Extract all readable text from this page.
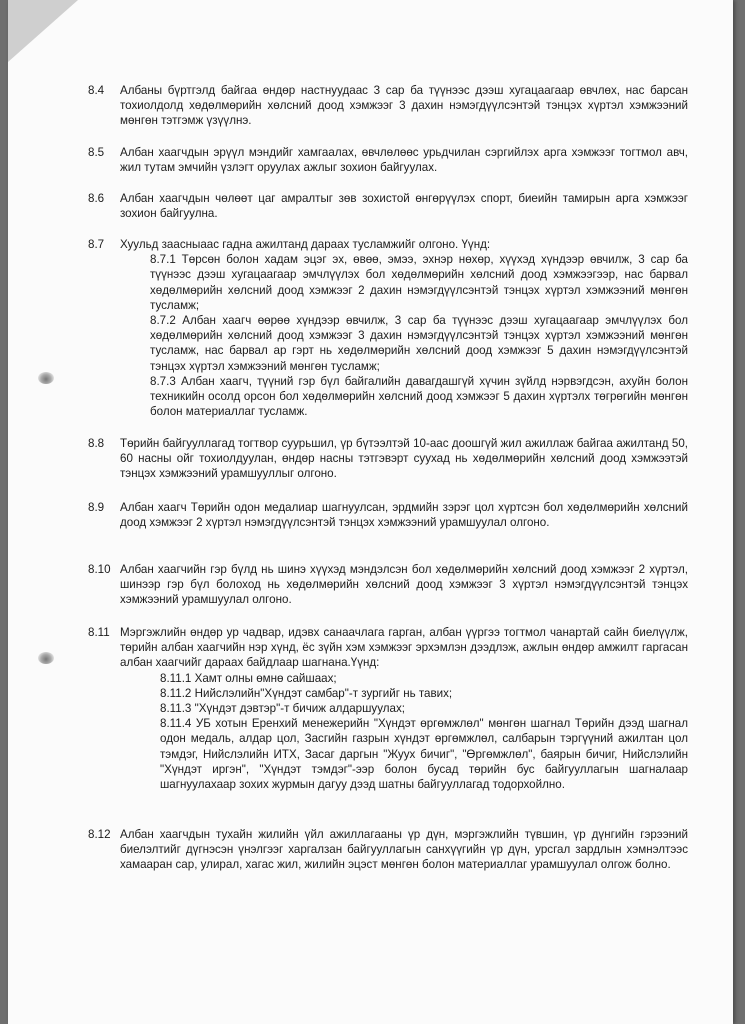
8.4	Албаны бүртгэлд байгаа өндөр настнуудаас 3 сар ба түүнээс дээш хугацаагаар өвчлөх, нас барсан тохиолдолд хөдөлмөрийн хөлсний доод хэмжээг 3 дахин нэмэгдүүлсэнтэй тэнцэх хүртэл хэмжээний мөнгөн тэтгэмж үзүүлнэ.
8.5	Албан хаагчдын эрүүл мэндийг хамгаалах, өвчлөлөөс урьдчилан сэргийлэх арга хэмжээг тогтмол авч, жил тутам эмчийн үзлэгт оруулах ажлыг зохион байгуулах.
8.6	Албан хаагчдын чөлөөт цаг амралтыг зөв зохистой өнгөрүүлэх спорт, биеийн тамирын арга хэмжээг зохион байгуулна.
8.7	Хуульд заасныаас гадна ажилтанд дараах тусламжийг олгоно. Үүнд:
8.7.1 Төрсөн болон хадам эцэг эх, өвөө, эмээ, эхнэр нөхөр, хүүхэд хүндээр өвчилж, 3 сар ба түүнээс дээш хугацаагаар эмчлүүлэх бол хөдөлмөрийн хөлсний доод хэмжээгээр, нас барвал хөдөлмөрийн хөлсний доод хэмжээг 2 дахин нэмэгдүүлсэнтэй тэнцэх хүртэл хэмжээний мөнгөн тусламж;
8.7.2 Албан хаагч өөрөө хүндээр өвчилж, 3 сар ба түүнээс дээш хугацаагаар эмчлүүлэх бол хөдөлмөрийн хөлсний доод хэмжээг 3 дахин нэмэгдүүлсэнтэй тэнцэх хүртэл хэмжээний мөнгөн тусламж, нас барвал ар гэрт нь хөдөлмөрийн хөлсний доод хэмжээг 5 дахин нэмэгдүүлсэнтэй тэнцэх хүртэл хэмжээний мөнгөн тусламж;
8.7.3 Албан хаагч, түүний гэр бүл байгалийн давагдашгүй хүчин зүйлд нэрвэгдсэн, ахуйн болон техникийн осолд орсон бол хөдөлмөрийн хөлсний доод хэмжээг 5 дахин хүртэлх төгрөгийн мөнгөн болон материаллаг тусламж.
8.8	Төрийн байгууллагад тогтвор суурьшил, үр бүтээлтэй 10-аас доошгүй жил ажиллаж байгаа ажилтанд 50, 60 насны ойг тохиолдуулан, өндөр насны тэтгэвэрт суухад нь хөдөлмөрийн хөлсний доод хэмжээтэй тэнцэх хэмжээний урамшууллыг олгоно.
8.9	Албан хаагч Төрийн одон медалиар шагнуулсан, эрдмийн зэрэг цол хүртсэн бол хөдөлмөрийн хөлсний доод хэмжээг 2 хүртэл нэмэгдүүлсэнтэй тэнцэх хэмжээний урамшуулал олгоно.
8.10 Албан хаагчийн гэр бүлд нь шинэ хүүхэд мэндэлсэн бол хөдөлмөрийн хөлсний доод хэмжээг 2 хүртэл, шинээр гэр бүл болоход нь хөдөлмөрийн хөлсний доод хэмжээг 3 хүртэл нэмэгдүүлсэнтэй тэнцэх хэмжээний урамшуулал олгоно.
8.11 Мэргэжлийн өндөр ур чадвар, идэвх санаачлага гарган, албан үүргээ тогтмол чанартай сайн биелүүлж, төрийн албан хаагчийн нэр хүнд, ёс зүйн хэм хэмжээг эрхэмлэн дээдлэж, ажлын өндөр амжилт гаргасан албан хаагчийг дараах байдлаар шагнана.Үүнд:
8.11.1 Хамт олны өмнө сайшаах;
8.11.2 Нийслэлийн"Хүндэт самбар"-т зургийг нь тавих;
8.11.3 "Хүндэт дэвтэр"-т бичиж алдаршуулах;
8.11.4 УБ хотын Еренхий менежерийн "Хүндэт өргөмжлөл" мөнгөн шагнал Төрийн дээд шагнал одон медаль, алдар цол, Засгийн газрын хүндэт өргөмжлөл, салбарын тэргүүний ажилтан цол тэмдэг, Нийслэлийн ИТХ, Засаг даргын "Жуух бичиг", "Өргөмжлөл", баярын бичиг, Нийслэлийн "Хүндэт иргэн", "Хүндэт тэмдэг"-ээр болон бусад төрийн бус байгууллагын шагналаар шагнуулахаар зохих журмын дагуу дээд шатны байгууллагад тодорхойлно.
8.12 Албан хаагчдын тухайн жилийн үйл ажиллагааны үр дүн, мэргэжлийн түвшин, үр дүнгийн гэрээний биелэлтийг дүгнэсэн үнэлгээг харгалзан байгууллагын санхүүгийн үр дүн, урсгал зардлын хэмнэлтээс хамааран сар, улирал, хагас жил, жилийн эцэст мөнгөн болон материаллаг урамшуулал олгож болно.
